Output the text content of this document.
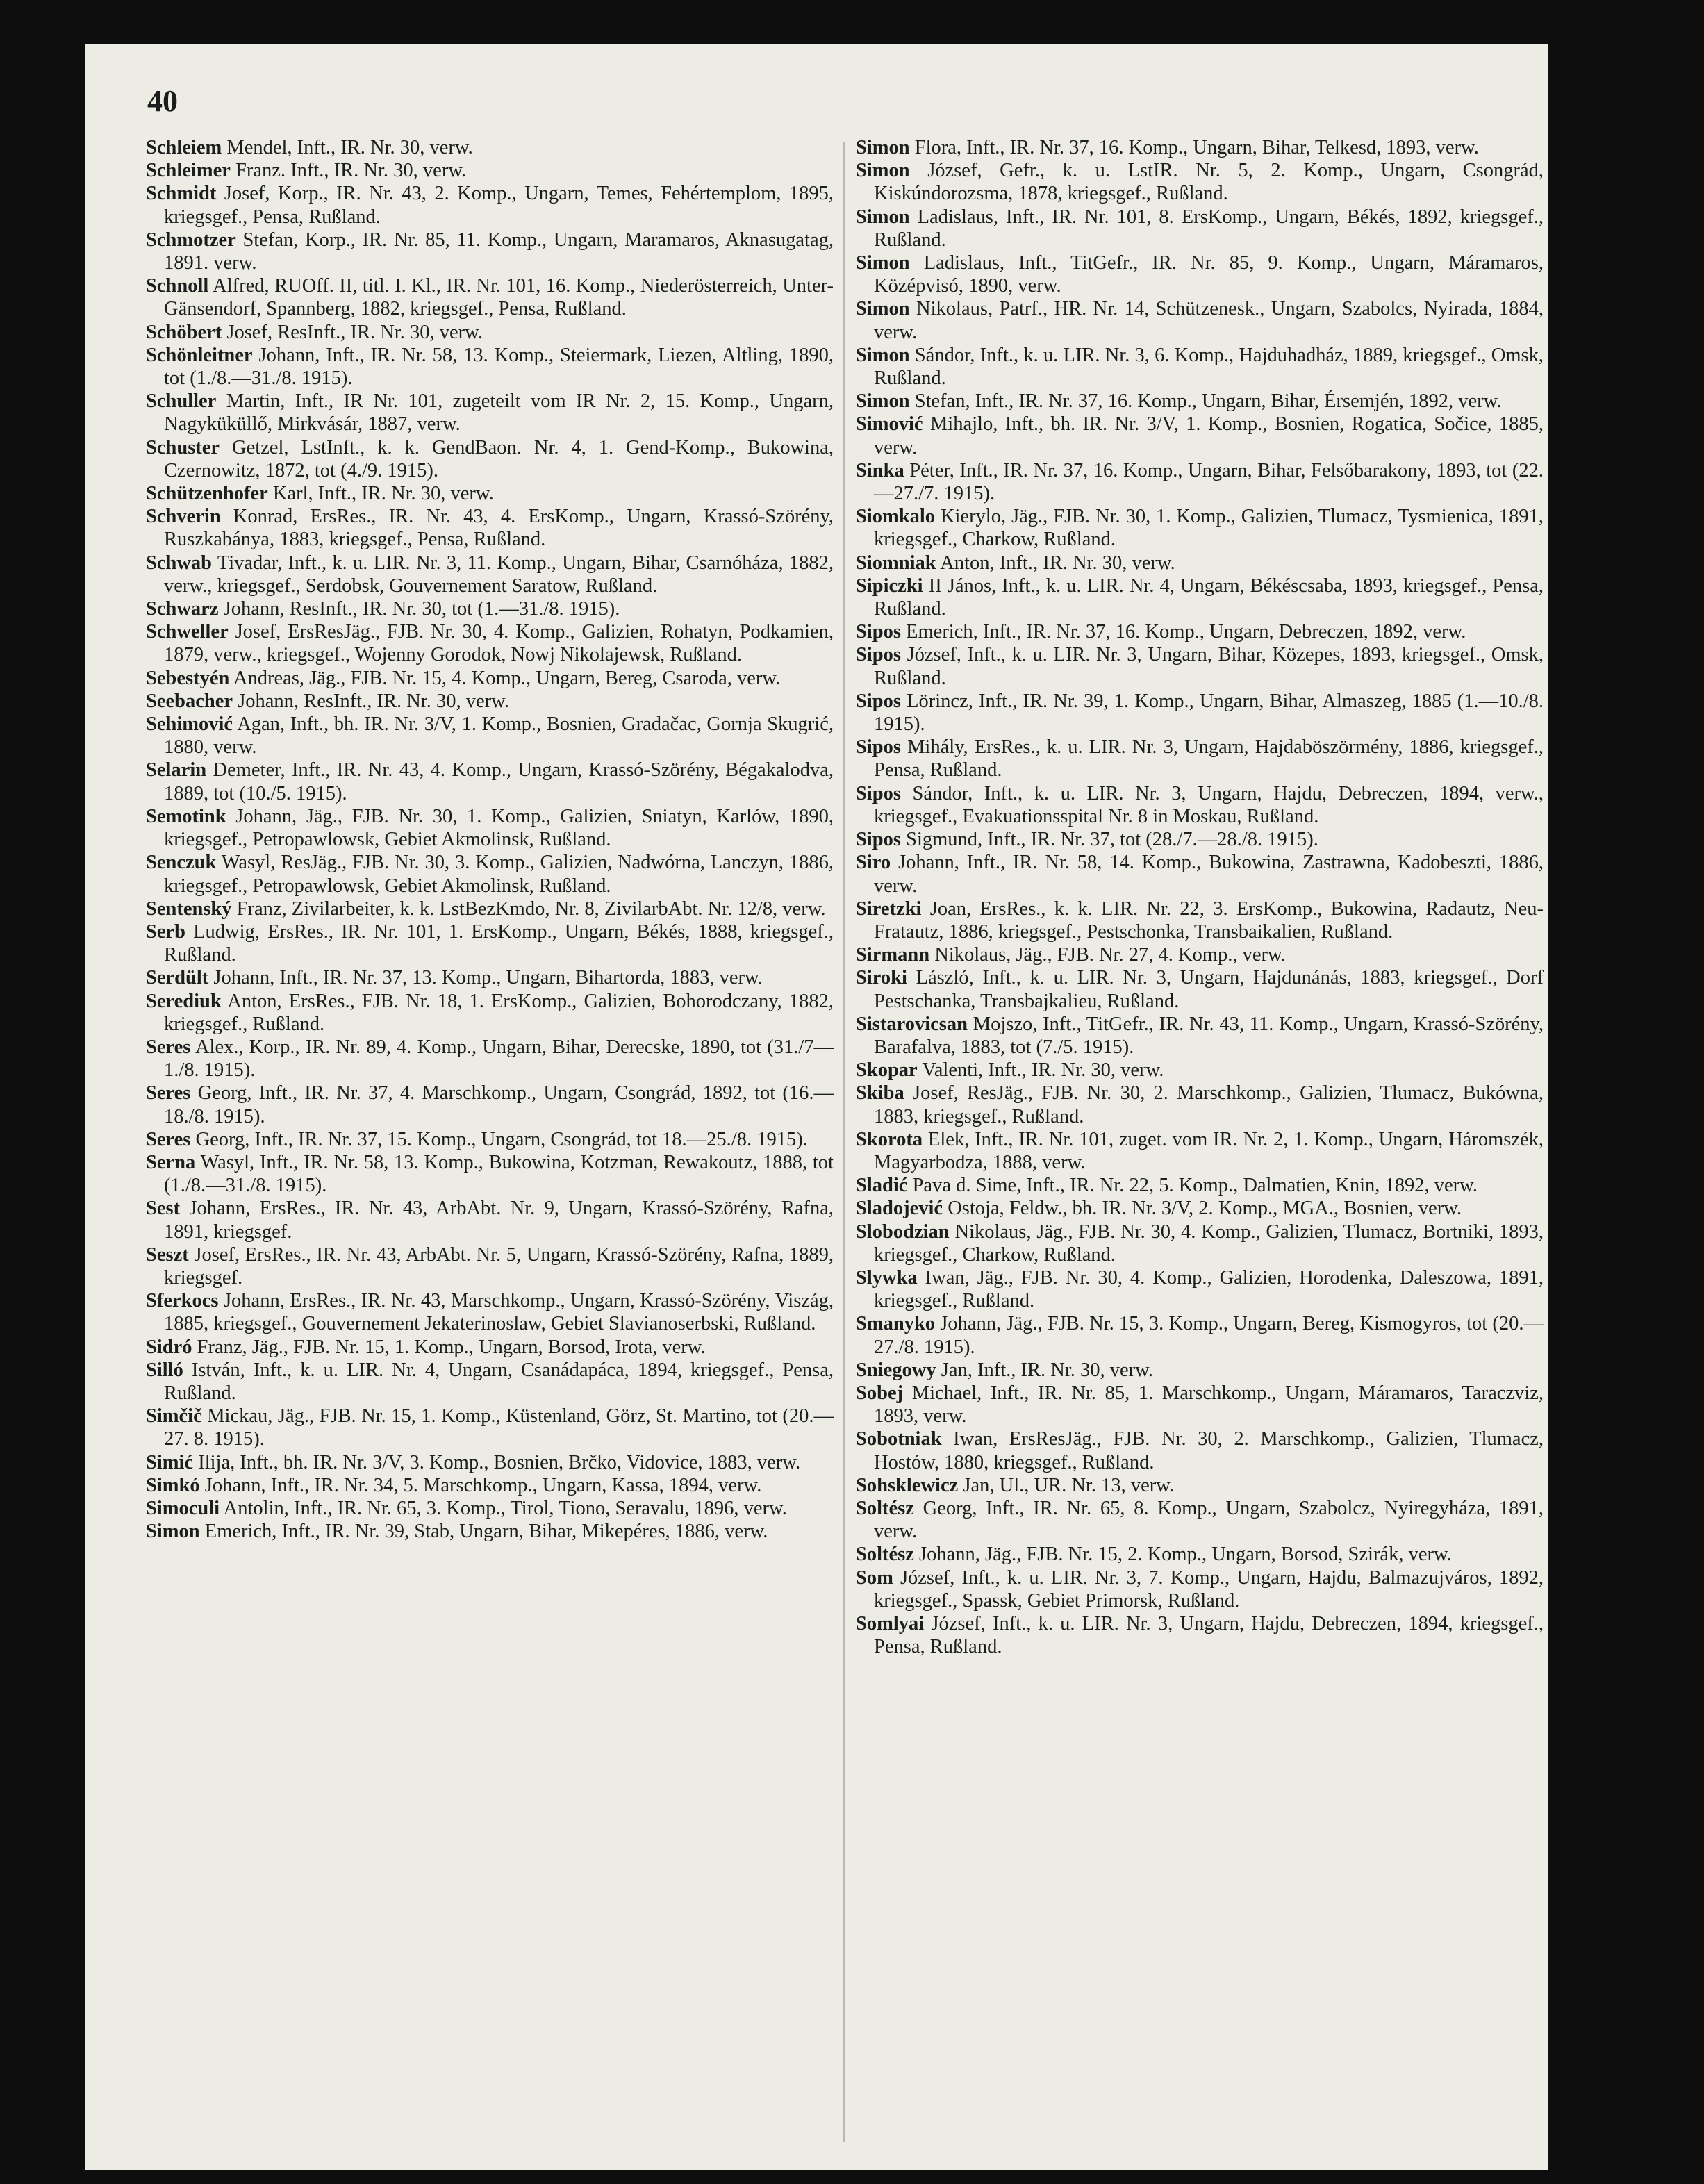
40

Schleiem Mendel, Inft., IR. Nr. 30, verw.

Schleimer Franz. Inft., IR. Nr. 30, verw.

Schmidt Josef, Korp., IR. Nr. 43, 2. Komp., Ungarn, Temes, Fehértemplom, 1895, kriegsgef., Pensa, Rußland.

Schmotzer Stefan, Korp., IR. Nr. 85, 11. Komp., Ungarn, Maramaros, Aknasugatag, 1891. verw.

Schnoll Alfred, RUOff. II, titl. I. Kl., IR. Nr. 101, 16. Komp., Niederösterreich, Unter-Gänsendorf, Spannberg, 1882, kriegsgef., Pensa, Rußland.

Schöbert Josef, ResInft., IR. Nr. 30, verw.

Schönleitner Johann, Inft., IR. Nr. 58, 13. Komp., Steiermark, Liezen, Altling, 1890, tot (1./8.—31./8. 1915).

Schuller Martin, Inft., IR Nr. 101, zugeteilt vom IR Nr. 2, 15. Komp., Ungarn, Nagyküküllő, Mirkvásár, 1887, verw.

Schuster Getzel, LstInft., k. k. GendBaon. Nr. 4, 1. Gend-Komp., Bukowina, Czernowitz, 1872, tot (4./9. 1915).

Schützenhofer Karl, Inft., IR. Nr. 30, verw.

Schverin Konrad, ErsRes., IR. Nr. 43, 4. ErsKomp., Ungarn, Krassó-Szörény, Ruszkabánya, 1883, kriegsgef., Pensa, Rußland.

Schwab Tivadar, Inft., k. u. LIR. Nr. 3, 11. Komp., Ungarn, Bihar, Csarnóháza, 1882, verw., kriegsgef., Serdobsk, Gouvernement Saratow, Rußland.

Schwarz Johann, ResInft., IR. Nr. 30, tot (1.—31./8. 1915).

Schweller Josef, ErsResJäg., FJB. Nr. 30, 4. Komp., Galizien, Rohatyn, Podkamien, 1879, verw., kriegsgef., Wojenny Gorodok, Nowj Nikolajewsk, Rußland.

Sebestyén Andreas, Jäg., FJB. Nr. 15, 4. Komp., Ungarn, Bereg, Csaroda, verw.

Seebacher Johann, ResInft., IR. Nr. 30, verw.

Sehimović Agan, Inft., bh. IR. Nr. 3/V, 1. Komp., Bosnien, Gradačac, Gornja Skugrić, 1880, verw.

Selarin Demeter, Inft., IR. Nr. 43, 4. Komp., Ungarn, Krassó-Szörény, Bégakalodva, 1889, tot (10./5. 1915).

Semotink Johann, Jäg., FJB. Nr. 30, 1. Komp., Galizien, Sniatyn, Karlów, 1890, kriegsgef., Petropawlowsk, Gebiet Akmolinsk, Rußland.

Senczuk Wasyl, ResJäg., FJB. Nr. 30, 3. Komp., Galizien, Nadwórna, Lanczyn, 1886, kriegsgef., Petropawlowsk, Gebiet Akmolinsk, Rußland.

Sentenský Franz, Zivilarbeiter, k. k. LstBezKmdo, Nr. 8, ZivilarbAbt. Nr. 12/8, verw.

Serb Ludwig, ErsRes., IR. Nr. 101, 1. ErsKomp., Ungarn, Békés, 1888, kriegsgef., Rußland.

Serdült Johann, Inft., IR. Nr. 37, 13. Komp., Ungarn, Bihartorda, 1883, verw.

Serediuk Anton, ErsRes., FJB. Nr. 18, 1. ErsKomp., Galizien, Bohorodczany, 1882, kriegsgef., Rußland.

Seres Alex., Korp., IR. Nr. 89, 4. Komp., Ungarn, Bihar, Derecske, 1890, tot (31./7—1./8. 1915).

Seres Georg, Inft., IR. Nr. 37, 4. Marschkomp., Ungarn, Csongrád, 1892, tot (16.—18./8. 1915).

Seres Georg, Inft., IR. Nr. 37, 15. Komp., Ungarn, Csongrád, tot 18.—25./8. 1915).

Serna Wasyl, Inft., IR. Nr. 58, 13. Komp., Bukowina, Kotzman, Rewakoutz, 1888, tot (1./8.—31./8. 1915).

Sest Johann, ErsRes., IR. Nr. 43, ArbAbt. Nr. 9, Ungarn, Krassó-Szörény, Rafna, 1891, kriegsgef.

Seszt Josef, ErsRes., IR. Nr. 43, ArbAbt. Nr. 5, Ungarn, Krassó-Szörény, Rafna, 1889, kriegsgef.

Sferkocs Johann, ErsRes., IR. Nr. 43, Marschkomp., Ungarn, Krassó-Szörény, Viszág, 1885, kriegsgef., Gouvernement Jekaterinoslaw, Gebiet Slavianoserbski, Rußland.

Sidró Franz, Jäg., FJB. Nr. 15, 1. Komp., Ungarn, Borsod, Irota, verw.

Silló István, Inft., k. u. LIR. Nr. 4, Ungarn, Csanádapáca, 1894, kriegsgef., Pensa, Rußland.

Simčič Mickau, Jäg., FJB. Nr. 15, 1. Komp., Küstenland, Görz, St. Martino, tot (20.—27. 8. 1915).

Simić Ilija, Inft., bh. IR. Nr. 3/V, 3. Komp., Bosnien, Brčko, Vidovice, 1883, verw.

Simkó Johann, Inft., IR. Nr. 34, 5. Marschkomp., Ungarn, Kassa, 1894, verw.

Simoculi Antolin, Inft., IR. Nr. 65, 3. Komp., Tirol, Tiono, Seravalu, 1896, verw.

Simon Emerich, Inft., IR. Nr. 39, Stab, Ungarn, Bihar, Mikepéres, 1886, verw.

Simon Flora, Inft., IR. Nr. 37, 16. Komp., Ungarn, Bihar, Telkesd, 1893, verw.

Simon József, Gefr., k. u. LstIR. Nr. 5, 2. Komp., Ungarn, Csongrád, Kiskúndorozsma, 1878, kriegsgef., Rußland.

Simon Ladislaus, Inft., IR. Nr. 101, 8. ErsKomp., Ungarn, Békés, 1892, kriegsgef., Rußland.

Simon Ladislaus, Inft., TitGefr., IR. Nr. 85, 9. Komp., Ungarn, Máramaros, Középvisó, 1890, verw.

Simon Nikolaus, Patrf., HR. Nr. 14, Schützenesk., Ungarn, Szabolcs, Nyirada, 1884, verw.

Simon Sándor, Inft., k. u. LIR. Nr. 3, 6. Komp., Hajduhadház, 1889, kriegsgef., Omsk, Rußland.

Simon Stefan, Inft., IR. Nr. 37, 16. Komp., Ungarn, Bihar, Érsemjén, 1892, verw.

Simović Mihajlo, Inft., bh. IR. Nr. 3/V, 1. Komp., Bosnien, Rogatica, Sočice, 1885, verw.

Sinka Péter, Inft., IR. Nr. 37, 16. Komp., Ungarn, Bihar, Felsőbarakony, 1893, tot (22.—27./7. 1915).

Siomkalo Kierylo, Jäg., FJB. Nr. 30, 1. Komp., Galizien, Tlumacz, Tysmienica, 1891, kriegsgef., Charkow, Rußland.

Siomniak Anton, Inft., IR. Nr. 30, verw.

Sipiczki II János, Inft., k. u. LIR. Nr. 4, Ungarn, Békéscsaba, 1893, kriegsgef., Pensa, Rußland.

Sipos Emerich, Inft., IR. Nr. 37, 16. Komp., Ungarn, Debreczen, 1892, verw.

Sipos József, Inft., k. u. LIR. Nr. 3, Ungarn, Bihar, Közepes, 1893, kriegsgef., Omsk, Rußland.

Sipos Lörincz, Inft., IR. Nr. 39, 1. Komp., Ungarn, Bihar, Almaszeg, 1885 (1.—10./8. 1915).

Sipos Mihály, ErsRes., k. u. LIR. Nr. 3, Ungarn, Hajdaböszörmény, 1886, kriegsgef., Pensa, Rußland.

Sipos Sándor, Inft., k. u. LIR. Nr. 3, Ungarn, Hajdu, Debreczen, 1894, verw., kriegsgef., Evakuationsspital Nr. 8 in Moskau, Rußland.

Sipos Sigmund, Inft., IR. Nr. 37, tot (28./7.—28./8. 1915).

Siro Johann, Inft., IR. Nr. 58, 14. Komp., Bukowina, Zastrawna, Kadobeszti, 1886, verw.

Siretzki Joan, ErsRes., k. k. LIR. Nr. 22, 3. ErsKomp., Bukowina, Radautz, Neu-Fratautz, 1886, kriegsgef., Pestschonka, Transbaikalien, Rußland.

Sirmann Nikolaus, Jäg., FJB. Nr. 27, 4. Komp., verw.

Siroki László, Inft., k. u. LIR. Nr. 3, Ungarn, Hajdunánás, 1883, kriegsgef., Dorf Pestschanka, Transbajkalieu, Rußland.

Sistarovicsan Mojszo, Inft., TitGefr., IR. Nr. 43, 11. Komp., Ungarn, Krassó-Szörény, Barafalva, 1883, tot (7./5. 1915).

Skopar Valenti, Inft., IR. Nr. 30, verw.

Skiba Josef, ResJäg., FJB. Nr. 30, 2. Marschkomp., Galizien, Tlumacz, Bukówna, 1883, kriegsgef., Rußland.

Skorota Elek, Inft., IR. Nr. 101, zuget. vom IR. Nr. 2, 1. Komp., Ungarn, Háromszék, Magyarbodza, 1888, verw.

Sladić Pava d. Sime, Inft., IR. Nr. 22, 5. Komp., Dalmatien, Knin, 1892, verw.

Sladojević Ostoja, Feldw., bh. IR. Nr. 3/V, 2. Komp., MGA., Bosnien, verw.

Slobodzian Nikolaus, Jäg., FJB. Nr. 30, 4. Komp., Galizien, Tlumacz, Bortniki, 1893, kriegsgef., Charkow, Rußland.

Slywka Iwan, Jäg., FJB. Nr. 30, 4. Komp., Galizien, Horodenka, Daleszowa, 1891, kriegsgef., Rußland.

Smanyko Johann, Jäg., FJB. Nr. 15, 3. Komp., Ungarn, Bereg, Kismogyros, tot (20.—27./8. 1915).

Sniegowy Jan, Inft., IR. Nr. 30, verw.

Sobej Michael, Inft., IR. Nr. 85, 1. Marschkomp., Ungarn, Máramaros, Taraczviz, 1893, verw.

Sobotniak Iwan, ErsResJäg., FJB. Nr. 30, 2. Marschkomp., Galizien, Tlumacz, Hostów, 1880, kriegsgef., Rußland.

Sohsklewicz Jan, Ul., UR. Nr. 13, verw.

Soltész Georg, Inft., IR. Nr. 65, 8. Komp., Ungarn, Szabolcz, Nyiregyháza, 1891, verw.

Soltész Johann, Jäg., FJB. Nr. 15, 2. Komp., Ungarn, Borsod, Szirák, verw.

Som József, Inft., k. u. LIR. Nr. 3, 7. Komp., Ungarn, Hajdu, Balmazujváros, 1892, kriegsgef., Spassk, Gebiet Primorsk, Rußland.

Somlyai József, Inft., k. u. LIR. Nr. 3, Ungarn, Hajdu, Debreczen, 1894, kriegsgef., Pensa, Rußland.
